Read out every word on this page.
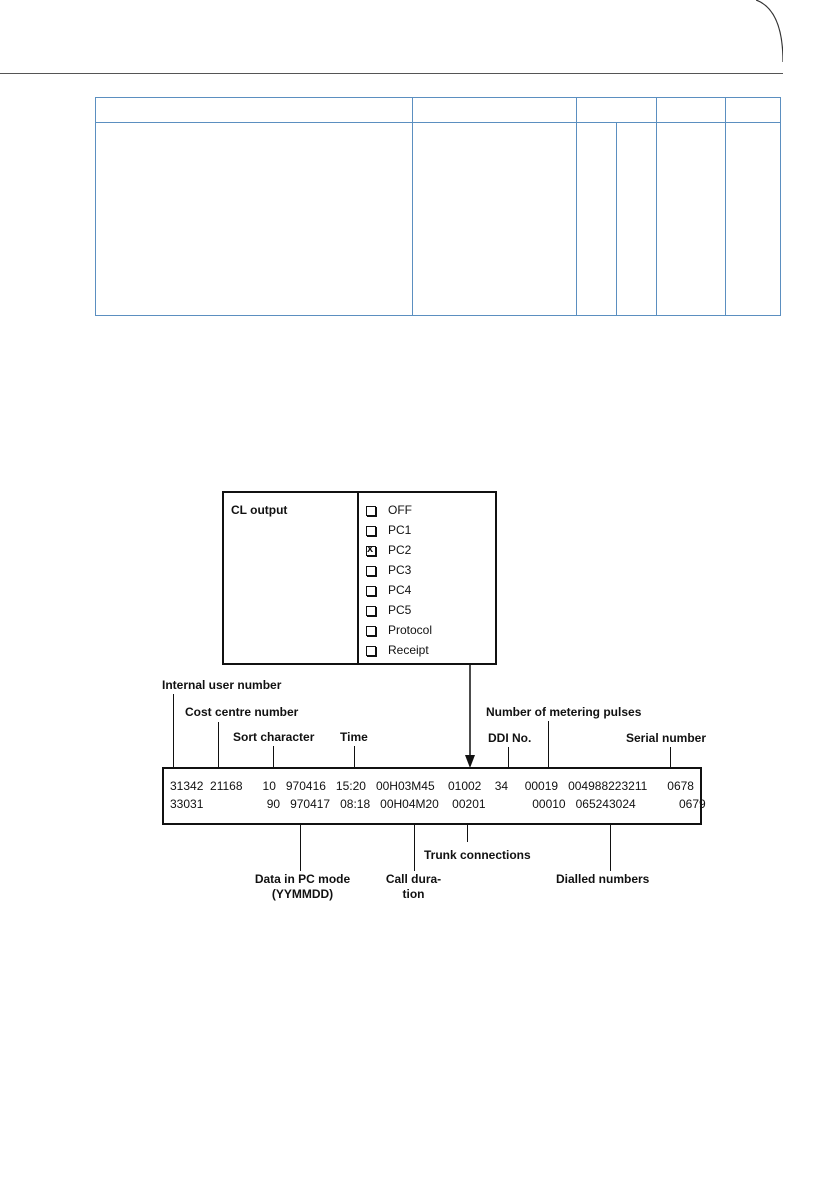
CL output	OFF
PC1
x
PC2
PC3
PC4
PC5
Protocol
Receipt
31342  21168      10   970416   15:20   00H03M45    01002    34     00019   004988223211      0678
33031                   90   970417   08:18   00H04M20    00201              00010   065243024             0679
Internal user number
Cost centre number
Sort character Time
Number of metering pulses
DDI No.	Serial number
Data in PC mode
(YYMMDD)
Call dura-
tion
Trunk connections
Dialled numbers
